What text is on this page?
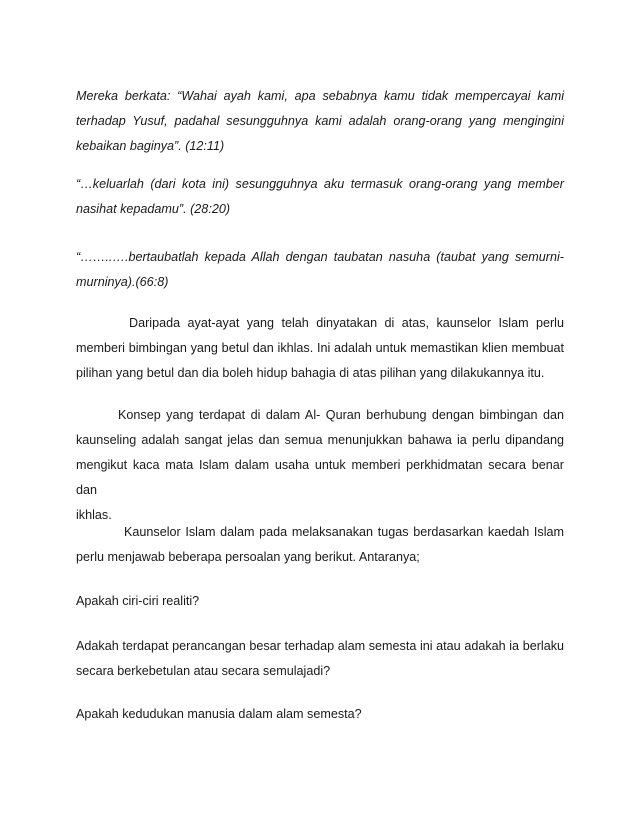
Mereka berkata: “Wahai ayah kami, apa sebabnya kamu tidak mempercayai kami
terhadap Yusuf, padahal sesungguhnya kami adalah orang-orang yang mengingini
kebaikan baginya”. (12:11)
“…keluarlah (dari kota ini) sesungguhnya aku termasuk orang-orang yang member
nasihat kepadamu”. (28:20)
“……..….bertaubatlah kepada Allah dengan taubatan nasuha (taubat yang semurni-
murninya).(66:8)
Daripada ayat-ayat yang telah dinyatakan di atas, kaunselor Islam perlu
memberi bimbingan yang betul dan ikhlas. Ini adalah untuk memastikan klien membuat
pilihan yang betul dan dia boleh hidup bahagia di atas pilihan yang dilakukannya itu.
Konsep yang terdapat di dalam Al- Quran berhubung dengan bimbingan dan
kaunseling adalah sangat jelas dan semua menunjukkan bahawa ia perlu dipandang
mengikut kaca mata Islam dalam usaha untuk memberi perkhidmatan secara benar dan
ikhlas.
Kaunselor Islam dalam pada melaksanakan tugas berdasarkan kaedah Islam
perlu menjawab beberapa persoalan yang berikut. Antaranya;
Apakah ciri-ciri realiti?
Adakah terdapat perancangan besar terhadap alam semesta ini atau adakah ia berlaku
secara berkebetulan atau secara semulajadi?
Apakah kedudukan manusia dalam alam semesta?
